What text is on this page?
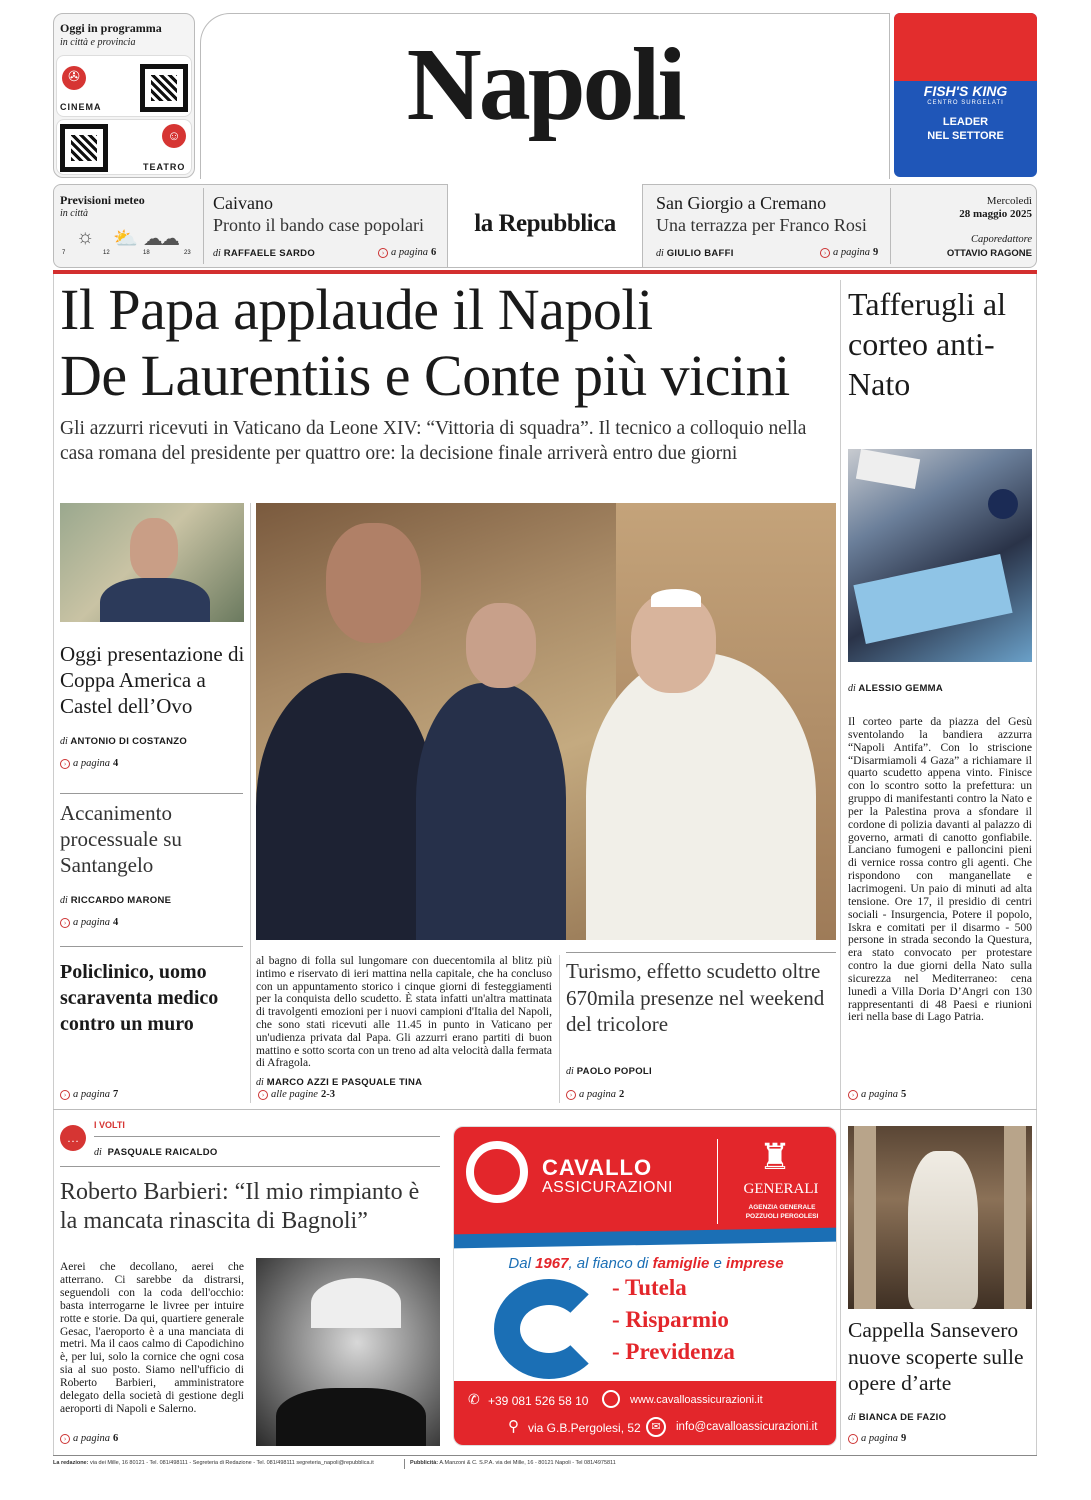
Oggi in programma
in città e provincia
✇
CINEMA
☺
TEATRO
Napoli	FISH'S KING
CENTRO SURGELATI
LEADER
NEL SETTORE
Previsioni meteo
in città
☼ ⛅ ☁
☁
7	12	18	23
Caivano
Pronto il bando case popolari
di RAFFAELE SARDO	› a pagina 6
la Repubblica
San Giorgio a Cremano
Una terrazza per Franco Rosi
di GIULIO BAFFI	› a pagina 9
Mercoledì
28 maggio 2025
Caporedattore
OTTAVIO RAGONE
Il Papa applaude il Napoli
De Laurentiis e Conte più vicini
Gli azzurri ricevuti in Vaticano da Leone XIV: “Vittoria di squadra”. Il tecnico a colloquio nella casa romana del presidente per quattro ore: la decisione finale arriverà entro due giorni
Oggi presentazione di Coppa America a Castel dell’Ovo
di ANTONIO DI COSTANZO
› a pagina 4
Accanimento processuale su Santangelo
di RICCARDO MARONE
› a pagina 4
Policlinico, uomo scaraventa medico contro un muro
› a pagina 7
al bagno di folla sul lungomare con duecentomila al blitz più intimo e riservato di ieri mattina nella capitale, che ha concluso con un appuntamento storico i cinque giorni di festeggiamenti per la conquista dello scudetto. È stata infatti un'altra mattinata di travolgenti emozioni per i nuovi campioni d'Italia del Napoli, che sono stati ricevuti alle 11.45 in punto in Vaticano per un'udienza privata dal Papa. Gli azzurri erano partiti di buon mattino e sotto scorta con un treno ad alta velocità dalla fermata di Afragola.
di MARCO AZZI E PASQUALE TINA
› alle pagine 2-3
Turismo, effetto scudetto oltre 670mila presenze nel weekend del tricolore
di PAOLO POPOLI
› a pagina 2
Tafferugli al corteo anti-Nato
di ALESSIO GEMMA
Il corteo parte da piazza del Gesù sventolando la bandiera azzurra “Napoli Antifa”. Con lo striscione “Disarmiamoli 4 Gaza” a richiamare il quarto scudetto appena vinto. Finisce con lo scontro sotto la prefettura: un gruppo di manifestanti contro la Nato e per la Palestina prova a sfondare il cordone di polizia davanti al palazzo di governo, armati di canotto gonfiabile. Lanciano fumogeni e palloncini pieni di vernice rossa contro gli agenti. Che rispondono con manganellate e lacrimogeni. Un paio di minuti ad alta tensione. Ore 17, il presidio di centri sociali - Insurgencia, Potere il popolo, Iskra e comitati per il disarmo - 500 persone in strada secondo la Questura, era stato convocato per protestare contro la due giorni della Nato sulla sicurezza nel Mediterraneo: cena lunedì a Villa Doria D’Angri con 130 rappresentanti di 48 Paesi e riunioni ieri nella base di Lago Patria.
› a pagina 5
…
I VOLTI
di PASQUALE RAICALDO
Roberto Barbieri: “Il mio rimpianto è la mancata rinascita di Bagnoli”
Aerei che decollano, aerei che atterrano. Ci sarebbe da distrarsi, seguendoli con la coda dell'occhio: basta interrogarne le livree per intuire rotte e storie. Da qui, quartiere generale Gesac, l'aeroporto è a una manciata di metri. Ma il caos calmo di Capodichino è, per lui, solo la cornice che ogni cosa sia al suo posto. Siamo nell'ufficio di Roberto Barbieri, amministratore delegato della società di gestione degli aeroporti di Napoli e Salerno.
› a pagina 6
CAVALLO
ASSICURAZIONI
♜
GENERALI
AGENZIA GENERALE POZZUOLI PERGOLESI
Dal 1967, al fianco di famiglie e imprese
- Tutela
- Risparmio
- Previdenza
✆ +39 081 526 58 10	www.cavalloassicurazioni.it
⚲ via G.B.Pergolesi, 52 ✉	info@cavalloassicurazioni.it
Cappella Sansevero nuove scoperte sulle opere d’arte
di BIANCA DE FAZIO
› a pagina 9
La redazione: via dei Mille, 16 80121 - Tel. 081/498111 - Segreteria di Redazione - Tel. 081/498111 segreteria_napoli@repubblica.it	Pubblicità: A.Manzoni & C. S.P.A. via dei Mille, 16 - 80121 Napoli - Tel 081/4975811
